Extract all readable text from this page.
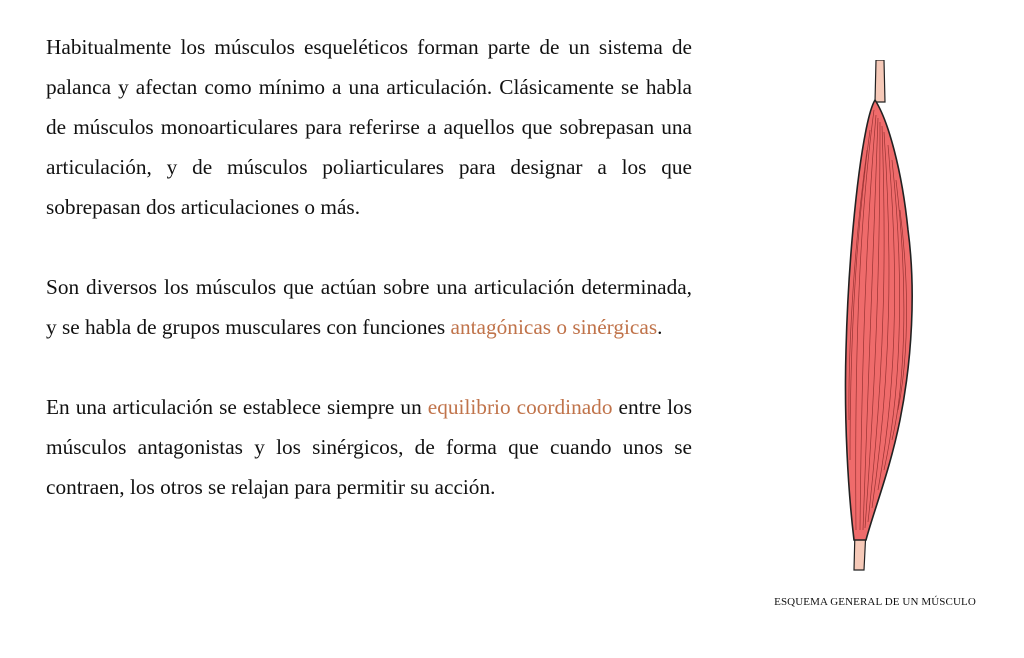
Habitualmente los músculos esqueléticos forman parte de un sistema de palanca y afectan como mínimo a una articulación. Clásicamente se habla de músculos monoarticulares para referirse a aquellos que sobrepasan una articulación, y de músculos poliarticulares para designar a los que sobrepasan dos articulaciones o más.

Son diversos los músculos que actúan sobre una articulación determinada, y se habla de grupos musculares con funciones antagónicas o sinérgicas.

En una articulación se establece siempre un equilibrio coordinado entre los músculos antagonistas y los sinérgicos, de forma que cuando unos se contraen, los otros se relajan para permitir su acción.

ESQUEMA GENERAL DE UN MÚSCULO
